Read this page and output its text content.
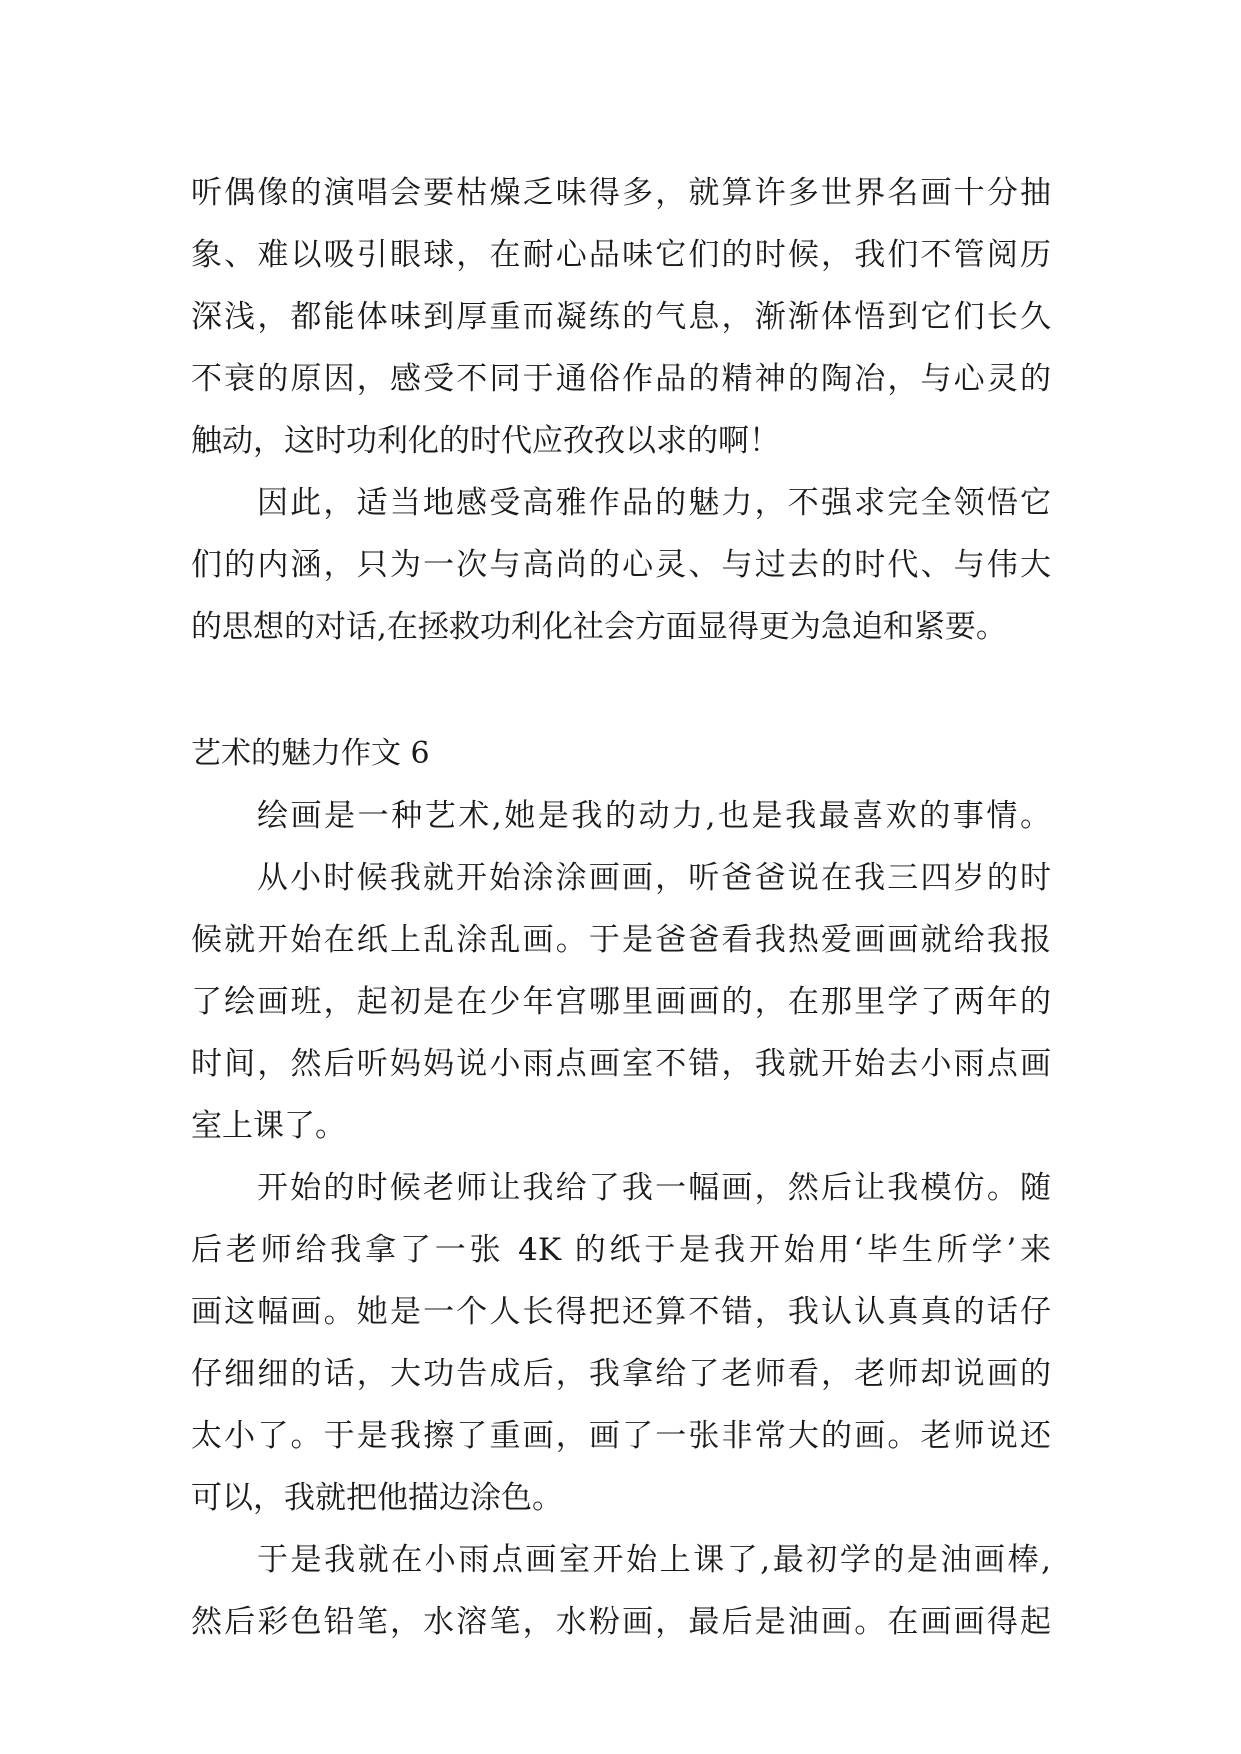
听偶像的演唱会要枯燥乏味得多，就算许多世界名画十分抽
象、难以吸引眼球，在耐心品味它们的时候，我们不管阅历
深浅，都能体味到厚重而凝练的气息，渐渐体悟到它们长久
不衰的原因，感受不同于通俗作品的精神的陶冶，与心灵的
触动，这时功利化的时代应孜孜以求的啊！
因此，适当地感受高雅作品的魅力，不强求完全领悟它
们的内涵，只为一次与高尚的心灵、与过去的时代、与伟大
的思想的对话,在拯救功利化社会方面显得更为急迫和紧要。
艺术的魅力作文 6
绘画是一种艺术,她是我的动力,也是我最喜欢的事情。
从小时候我就开始涂涂画画，听爸爸说在我三四岁的时
候就开始在纸上乱涂乱画。于是爸爸看我热爱画画就给我报
了绘画班，起初是在少年宫哪里画画的，在那里学了两年的
时间，然后听妈妈说小雨点画室不错，我就开始去小雨点画
室上课了。
开始的时候老师让我给了我一幅画，然后让我模仿。随
后老师给我拿了一张 4K 的纸于是我开始用‘毕生所学’来
画这幅画。她是一个人长得把还算不错，我认认真真的话仔
仔细细的话，大功告成后，我拿给了老师看，老师却说画的
太小了。于是我擦了重画，画了一张非常大的画。老师说还
可以，我就把他描边涂色。
于是我就在小雨点画室开始上课了,最初学的是油画棒,
然后彩色铅笔，水溶笔，水粉画，最后是油画。在画画得起
